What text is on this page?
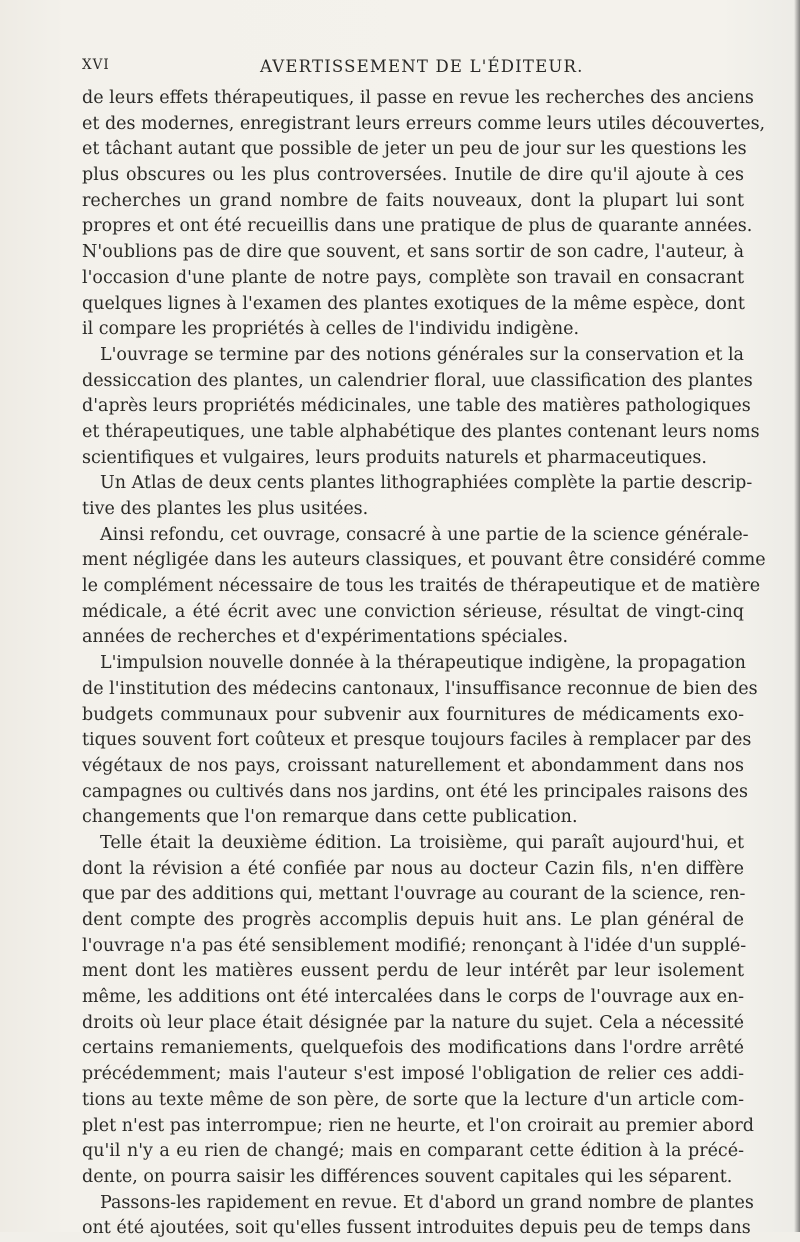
XVI	AVERTISSEMENT DE L'ÉDITEUR.
de leurs effets thérapeutiques, il passe en revue les recherches des anciens
et des modernes, enregistrant leurs erreurs comme leurs utiles découvertes,
et tâchant autant que possible de jeter un peu de jour sur les questions les
plus obscures ou les plus controversées. Inutile de dire qu'il ajoute à ces
recherches un grand nombre de faits nouveaux, dont la plupart lui sont
propres et ont été recueillis dans une pratique de plus de quarante années.
N'oublions pas de dire que souvent, et sans sortir de son cadre, l'auteur, à
l'occasion d'une plante de notre pays, complète son travail en consacrant
quelques lignes à l'examen des plantes exotiques de la même espèce, dont
il compare les propriétés à celles de l'individu indigène.
L'ouvrage se termine par des notions générales sur la conservation et la
dessiccation des plantes, un calendrier floral, uue classification des plantes
d'après leurs propriétés médicinales, une table des matières pathologiques
et thérapeutiques, une table alphabétique des plantes contenant leurs noms
scientifiques et vulgaires, leurs produits naturels et pharmaceutiques.
Un Atlas de deux cents plantes lithographiées complète la partie descrip-
tive des plantes les plus usitées.
Ainsi refondu, cet ouvrage, consacré à une partie de la science générale-
ment négligée dans les auteurs classiques, et pouvant être considéré comme
le complément nécessaire de tous les traités de thérapeutique et de matière
médicale, a été écrit avec une conviction sérieuse, résultat de vingt-cinq
années de recherches et d'expérimentations spéciales.
L'impulsion nouvelle donnée à la thérapeutique indigène, la propagation
de l'institution des médecins cantonaux, l'insuffisance reconnue de bien des
budgets communaux pour subvenir aux fournitures de médicaments exo-
tiques souvent fort coûteux et presque toujours faciles à remplacer par des
végétaux de nos pays, croissant naturellement et abondamment dans nos
campagnes ou cultivés dans nos jardins, ont été les principales raisons des
changements que l'on remarque dans cette publication.
Telle était la deuxième édition. La troisième, qui paraît aujourd'hui, et
dont la révision a été confiée par nous au docteur Cazin fils, n'en diffère
que par des additions qui, mettant l'ouvrage au courant de la science, ren-
dent compte des progrès accomplis depuis huit ans. Le plan général de
l'ouvrage n'a pas été sensiblement modifié; renonçant à l'idée d'un supplé-
ment dont les matières eussent perdu de leur intérêt par leur isolement
même, les additions ont été intercalées dans le corps de l'ouvrage aux en-
droits où leur place était désignée par la nature du sujet. Cela a nécessité
certains remaniements, quelquefois des modifications dans l'ordre arrêté
précédemment; mais l'auteur s'est imposé l'obligation de relier ces addi-
tions au texte même de son père, de sorte que la lecture d'un article com-
plet n'est pas interrompue; rien ne heurte, et l'on croirait au premier abord
qu'il n'y a eu rien de changé; mais en comparant cette édition à la précé-
dente, on pourra saisir les différences souvent capitales qui les séparent.
Passons-les rapidement en revue. Et d'abord un grand nombre de plantes
ont été ajoutées, soit qu'elles fussent introduites depuis peu de temps dans
